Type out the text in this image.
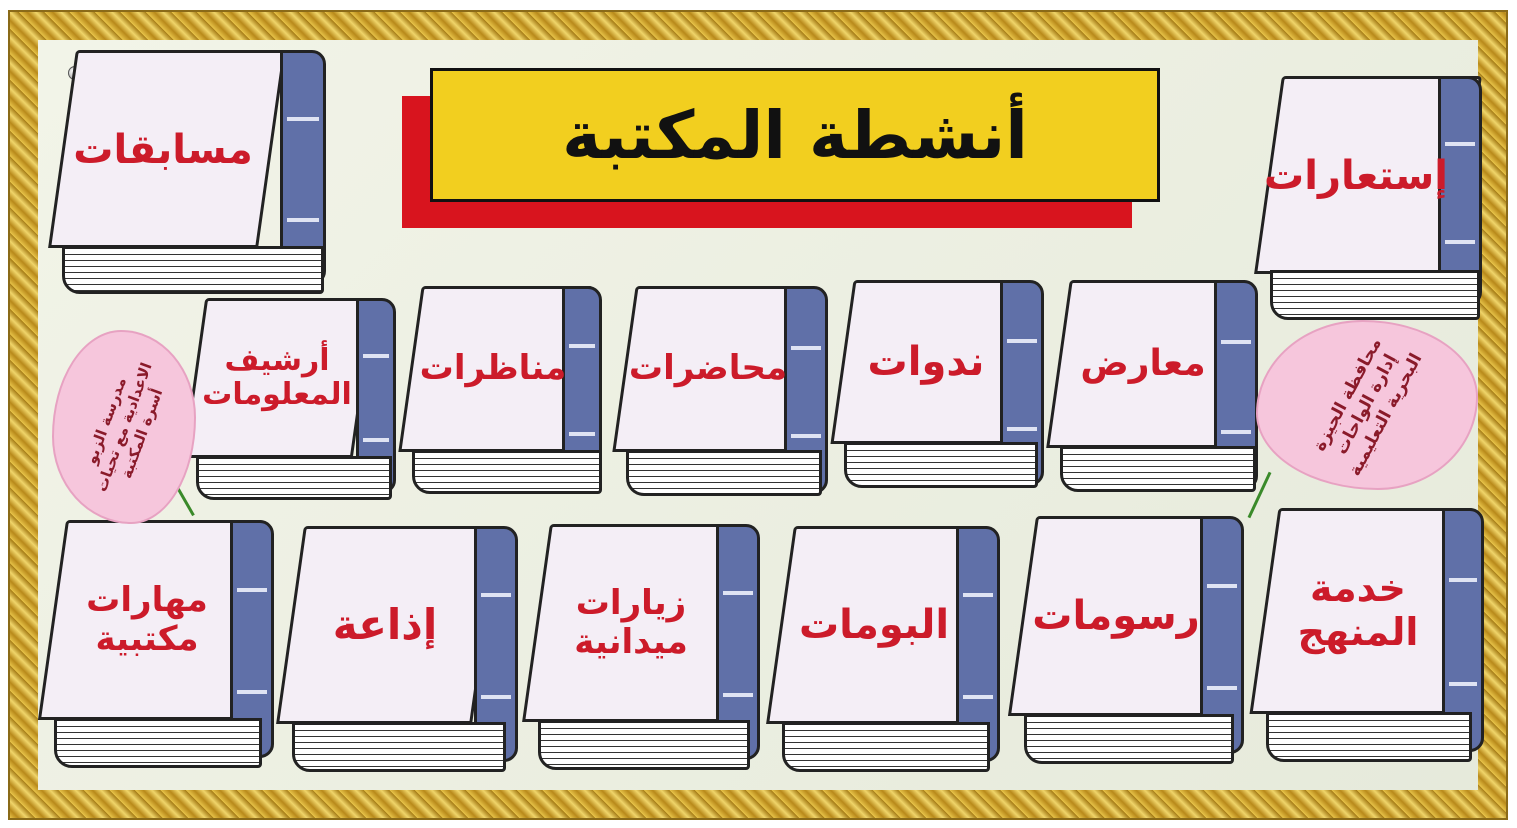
أنشطة المكتبة
مسابقات
إستعارات
أرشيف المعلومات
مناظرات	محاضرات	ندوات	معارض
مهارات مكتبية	إذاعة	زيارات ميدانية	البومات	رسومات
خدمة المنهج
مدرسة الزبو الاعدادية مع تحيات أسرة المكتبة	محافظة الجيزة إدارة الواحات البحرية التعليمية
